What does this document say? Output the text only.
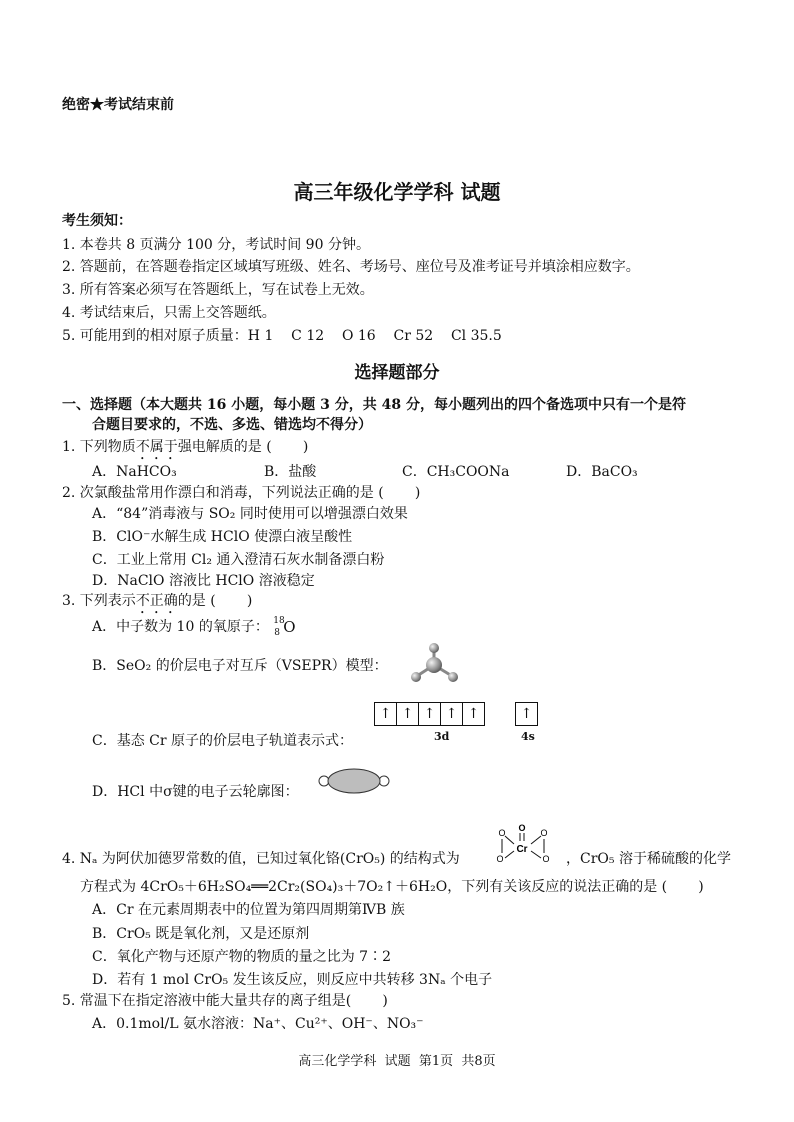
绝密★考试结束前
高三年级化学学科 试题
考生须知：
1. 本卷共 8 页满分 100 分，考试时间 90 分钟。
2. 答题前，在答题卷指定区域填写班级、姓名、考场号、座位号及准考证号并填涂相应数字。
3. 所有答案必须写在答题纸上，写在试卷上无效。
4. 考试结束后，只需上交答题纸。
5. 可能用到的相对原子质量：H 1    C 12    O 16    Cr 52    Cl 35.5
选择题部分
一、选择题（本大题共 16 小题，每小题 3 分，共 48 分，每小题列出的四个备选项中只有一个是符
合题目要求的，不选、多选、错选均不得分）
1. 下列物质不属于强电解质的是 (       )
A．NaHCO₃	B．盐酸	C．CH₃COONa	D．BaCO₃
2. 次氯酸盐常用作漂白和消毒，下列说法正确的是 (       )
A．“84”消毒液与 SO₂ 同时使用可以增强漂白效果
B．ClO⁻水解生成 HClO 使漂白液呈酸性
C．工业上常用 Cl₂ 通入澄清石灰水制备漂白粉
D．NaClO 溶液比 HClO 溶液稳定
3. 下列表示不正确的是 (       )
A．中子数为 10 的氧原子： 18
8 O
B．SeO₂ 的价层电子对互斥（VSEPR）模型：
↑ ↑ ↑ ↑ ↑	↑
3d	4s
C．基态 Cr 原子的价层电子轨道表示式：
D．HCl 中σ键的电子云轮廓图：
O
Cr
O	O
O	O
4. Nₐ 为阿伏加德罗常数的值，已知过氧化铬(CrO₅) 的结构式为	，CrO₅ 溶于稀硫酸的化学
方程式为 4CrO₅＋6H₂SO₄══2Cr₂(SO₄)₃＋7O₂↑＋6H₂O，下列有关该反应的说法正确的是 (       )
A．Cr 在元素周期表中的位置为第四周期第ⅣB 族
B．CrO₅ 既是氧化剂，又是还原剂
C．氧化产物与还原产物的物质的量之比为 7∶2
D．若有 1 mol CrO₅ 发生该反应，则反应中共转移 3Nₐ 个电子
5. 常温下在指定溶液中能大量共存的离子组是(       )
A．0.1mol/L 氨水溶液：Na⁺、Cu²⁺、OH⁻、NO₃⁻
高三化学学科  试题  第1页  共8页
